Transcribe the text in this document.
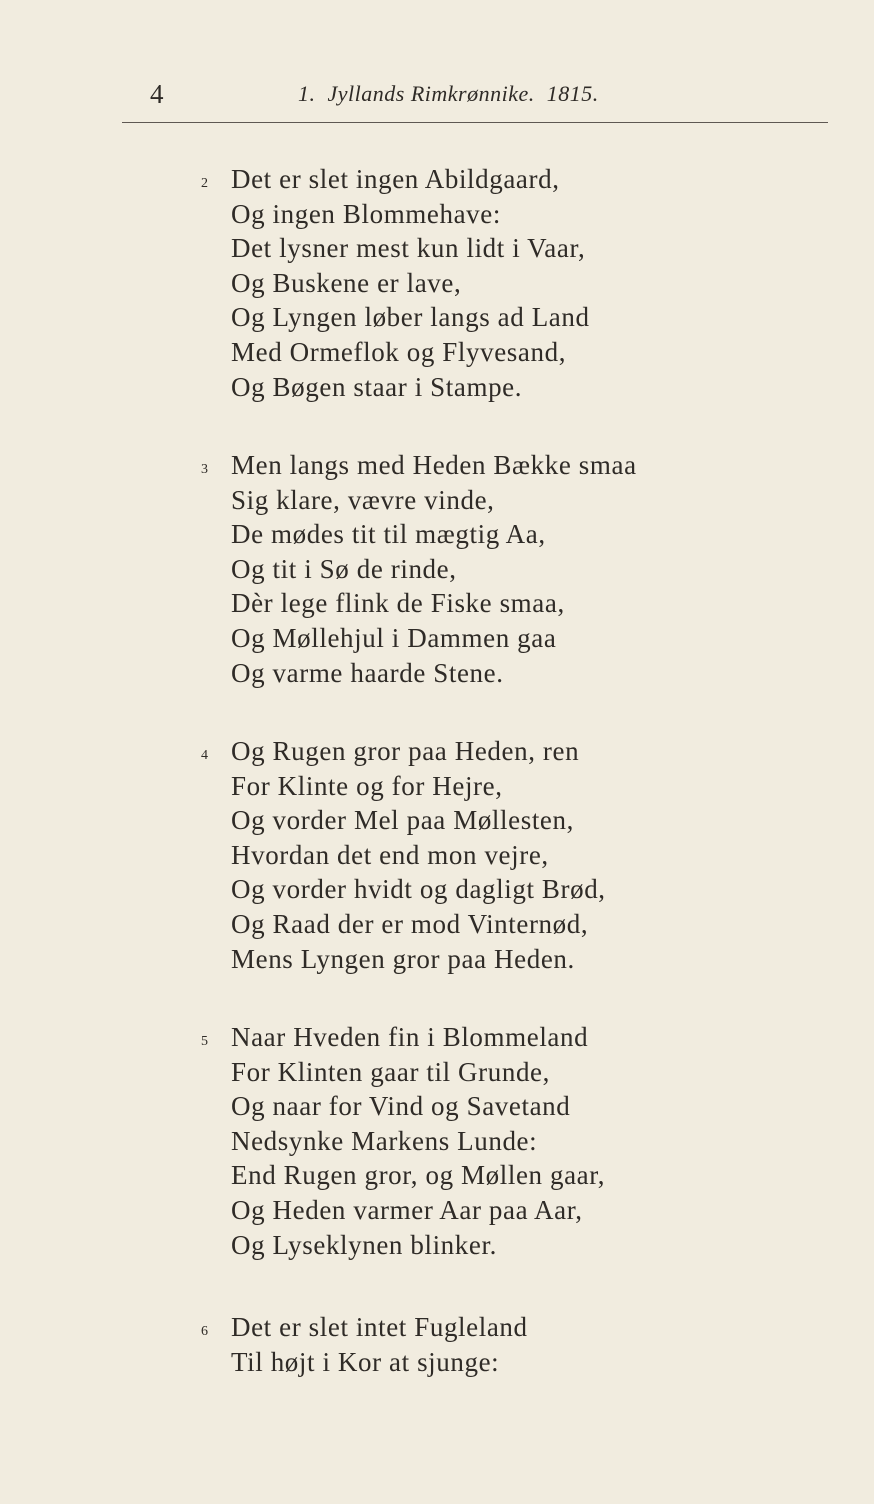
4	1. Jyllands Rimkrønnike. 1815.
2 Det er slet ingen Abildgaard,
Og ingen Blommehave:
Det lysner mest kun lidt i Vaar,
Og Buskene er lave,
Og Lyngen løber langs ad Land
Med Ormeflok og Flyvesand,
Og Bøgen staar i Stampe.
3 Men langs med Heden Bække smaa
Sig klare, vævre vinde,
De mødes tit til mægtig Aa,
Og tit i Sø de rinde,
Dèr lege flink de Fiske smaa,
Og Møllehjul i Dammen gaa
Og varme haarde Stene.
4 Og Rugen gror paa Heden, ren
For Klinte og for Hejre,
Og vorder Mel paa Møllesten,
Hvordan det end mon vejre,
Og vorder hvidt og dagligt Brød,
Og Raad der er mod Vinternød,
Mens Lyngen gror paa Heden.
5 Naar Hveden fin i Blommeland
For Klinten gaar til Grunde,
Og naar for Vind og Savetand
Nedsynke Markens Lunde:
End Rugen gror, og Møllen gaar,
Og Heden varmer Aar paa Aar,
Og Lyseklynen blinker.
6 Det er slet intet Fugleland
Til højt i Kor at sjunge:
